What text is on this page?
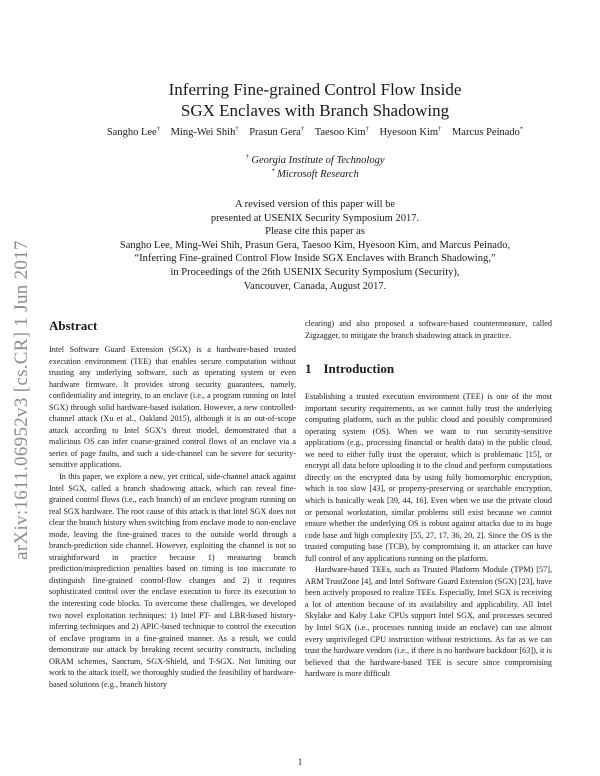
arXiv:1611.06952v3 [cs.CR] 1 Jun 2017
Inferring Fine-grained Control Flow Inside
SGX Enclaves with Branch Shadowing
Sangho Lee† Ming-Wei Shih† Prasun Gera† Taesoo Kim† Hyesoon Kim† Marcus Peinado*
† Georgia Institute of Technology
* Microsoft Research
A revised version of this paper will be
presented at USENIX Security Symposium 2017.
Please cite this paper as
Sangho Lee, Ming-Wei Shih, Prasun Gera, Taesoo Kim, Hyesoon Kim, and Marcus Peinado,
“Inferring Fine-grained Control Flow Inside SGX Enclaves with Branch Shadowing,”
in Proceedings of the 26th USENIX Security Symposium (Security),
Vancouver, Canada, August 2017.
Abstract

Intel Software Guard Extension (SGX) is a hardware-based trusted execution environment (TEE) that enables secure computation without trusting any underlying software, such as operating system or even hardware firmware. It provides strong security guarantees, namely, confidentiality and integrity, to an enclave (i.e., a program running on Intel SGX) through solid hardware-based isolation. However, a new controlled-channel attack (Xu et al., Oakland 2015), although it is an out-of-scope attack according to Intel SGX’s threat model, demonstrated that a malicious OS can infer coarse-grained control flows of an enclave via a series of page faults, and such a side-channel can be severe for security-sensitive applications.

In this paper, we explore a new, yet critical, side-channel attack against Intel SGX, called a branch shadowing attack, which can reveal fine-grained control flows (i.e., each branch) of an enclave program running on real SGX hardware. The root cause of this attack is that Intel SGX does not clear the branch history when switching from enclave mode to non-enclave mode, leaving the fine-grained traces to the outside world through a branch-prediction side channel. However, exploiting the channel is not so straightforward in practice because 1) measuring branch prediction/misprediction penalties based on timing is too inaccurate to distinguish fine-grained control-flow changes and 2) it requires sophisticated control over the enclave execution to force its execution to the interesting code blocks. To overcome these challenges, we developed two novel exploitation techniques: 1) Intel PT- and LBR-based history-inferring techniques and 2) APIC-based technique to control the execution of enclave programs in a fine-grained manner. As a result, we could demonstrate our attack by breaking recent security constructs, including ORAM schemes, Sanctum, SGX-Shield, and T-SGX. Not limiting our work to the attack itself, we thoroughly studied the feasibility of hardware-based solutions (e.g., branch history

clearing) and also proposed a software-based countermeasure, called Zigzagger, to mitigate the branch shadowing attack in practice.

1 Introduction

Establishing a trusted execution environment (TEE) is one of the most important security requirements, as we cannot fully trust the underlying computing platform, such as the public cloud and possibly compromised operating system (OS). When we want to run security-sensitive applications (e.g., processing financial or health data) in the public cloud, we need to either fully trust the operator, which is problematic [15], or encrypt all data before uploading it to the cloud and perform computations directly on the encrypted data by using fully homomorphic encryption, which is too slow [43], or property-preserving or searchable encryption, which is basically weak [39, 44, 16]. Even when we use the private cloud or personal workstation, similar problems still exist because we cannot ensure whether the underlying OS is robust against attacks due to its huge code base and high complexity [55, 27, 17, 36, 20, 2]. Since the OS is the trusted computing base (TCB), by compromising it, an attacker can have full control of any applications running on the platform.

Hardware-based TEEs, such as Trusted Platform Module (TPM) [57], ARM TrustZone [4], and Intel Software Guard Extension (SGX) [23], have been actively proposed to realize TEEs. Especially, Intel SGX is receiving a lot of attention because of its availability and applicability. All Intel Skylake and Kaby Lake CPUs support Intel SGX, and processes secured by Intel SGX (i.e., processes running inside an enclave) can use almost every unprivileged CPU instruction without restrictions. As far as we can trust the hardware vendors (i.e., if there is no hardware backdoor [63]), it is believed that the hardware-based TEE is secure since compromising hardware is more difficult

1
